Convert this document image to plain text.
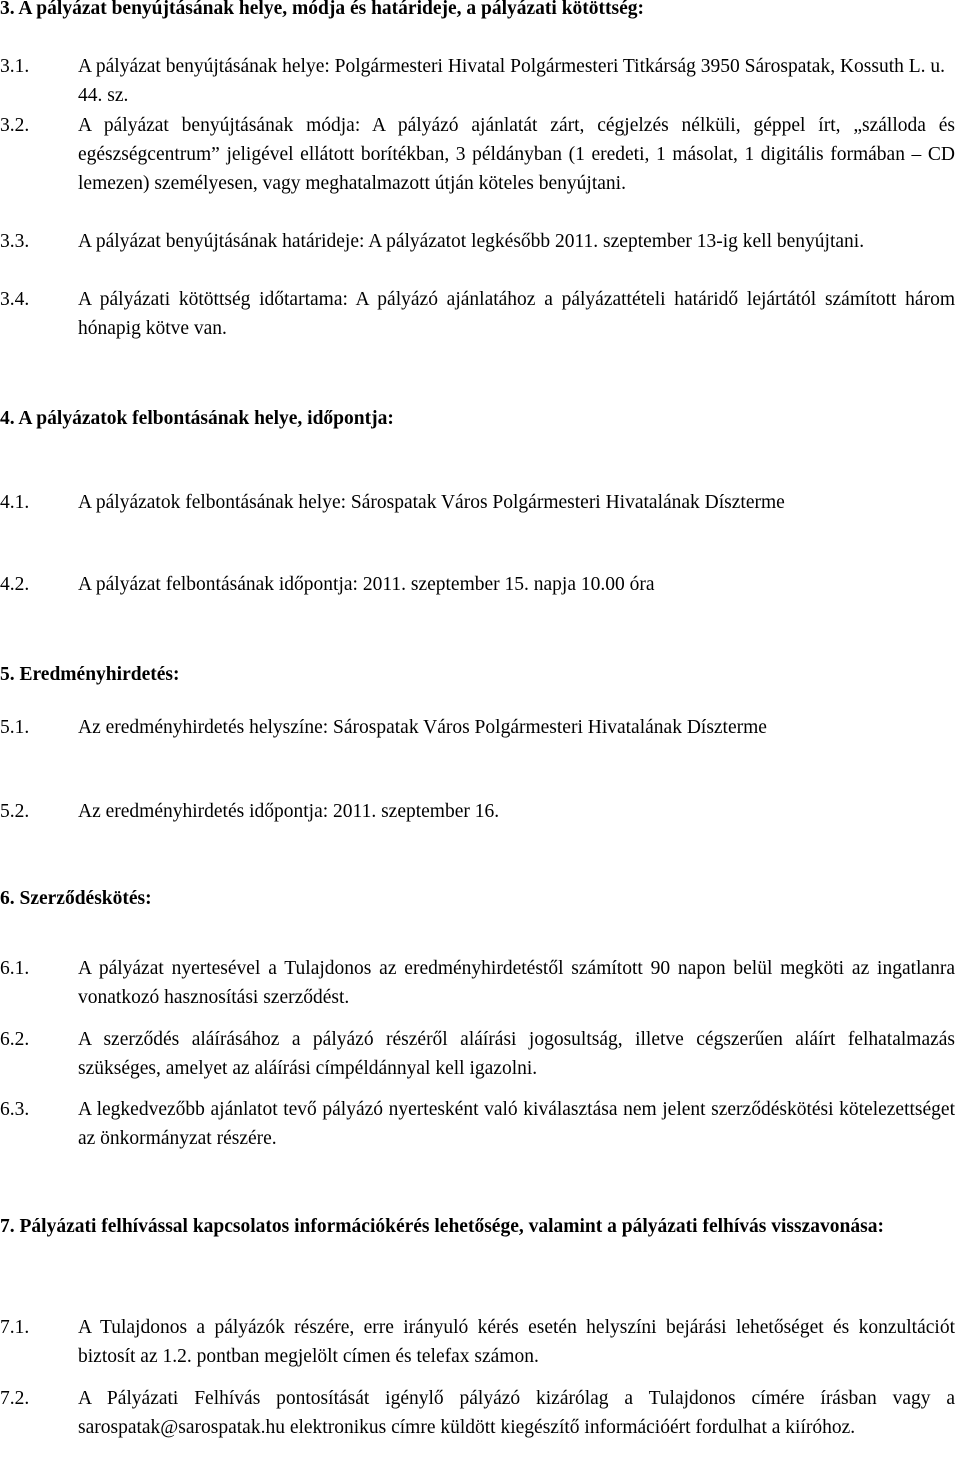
3. A pályázat benyújtásának helye, módja és határideje, a pályázati kötöttség:
3.1.	A pályázat benyújtásának helye: Polgármesteri Hivatal Polgármesteri Titkárság 3950 Sárospatak, Kossuth L. u. 44. sz.
3.2.	A pályázat benyújtásának módja: A pályázó ajánlatát zárt, cégjelzés nélküli, géppel írt, „szálloda és egészségcentrum” jeligével ellátott borítékban, 3 példányban (1 eredeti, 1 másolat, 1 digitális formában – CD lemezen) személyesen, vagy meghatalmazott útján köteles benyújtani.
3.3.	A pályázat benyújtásának határideje: A pályázatot legkésőbb 2011. szeptember 13-ig kell benyújtani.
3.4.	A pályázati kötöttség időtartama: A pályázó ajánlatához a pályázattételi határidő lejártától számított három hónapig kötve van.
4. A pályázatok felbontásának helye, időpontja:
4.1.	A pályázatok felbontásának helye: Sárospatak Város Polgármesteri Hivatalának Díszterme
4.2.	A pályázat felbontásának időpontja: 2011. szeptember 15. napja 10.00 óra
5. Eredményhirdetés:
5.1.	Az eredményhirdetés helyszíne: Sárospatak Város Polgármesteri Hivatalának Díszterme
5.2.	Az eredményhirdetés időpontja: 2011. szeptember 16.
6. Szerződéskötés:
6.1.	A pályázat nyertesével a Tulajdonos az eredményhirdetéstől számított 90 napon belül megköti az ingatlanra vonatkozó hasznosítási szerződést.
6.2.	A szerződés aláírásához a pályázó részéről aláírási jogosultság, illetve cégszerűen aláírt felhatalmazás szükséges, amelyet az aláírási címpéldánnyal kell igazolni.
6.3.	A legkedvezőbb ajánlatot tevő pályázó nyertesként való kiválasztása nem jelent szerződéskötési kötelezettséget az önkormányzat részére.
7. Pályázati felhívással kapcsolatos információkérés lehetősége, valamint a pályázati felhívás visszavonása:
7.1.	A Tulajdonos a pályázók részére, erre irányuló kérés esetén helyszíni bejárási lehetőséget és konzultációt biztosít az 1.2. pontban megjelölt címen és telefax számon.
7.2.	A Pályázati Felhívás pontosítását igénylő pályázó kizárólag a Tulajdonos címére írásban vagy a sarospatak@sarospatak.hu elektronikus címre küldött kiegészítő információért fordulhat a kiíróhoz.
